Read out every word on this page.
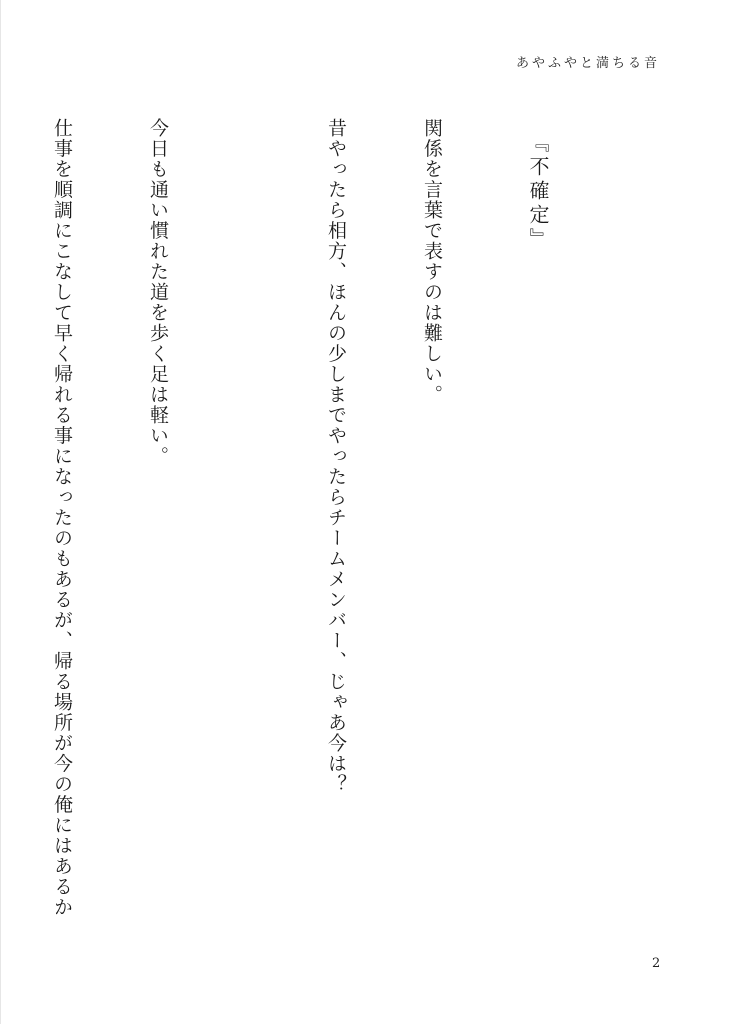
あやふやと満ちる音

『不確定』

関係を言葉で表すのは難しい。

昔やったら相方、ほんの少しまでやったらチームメンバー、じゃあ今は？

今日も通い慣れた道を歩く足は軽い。

仕事を順調にこなして早く帰れる事になったのもあるが、帰る場所が今の俺にはあるか

2
